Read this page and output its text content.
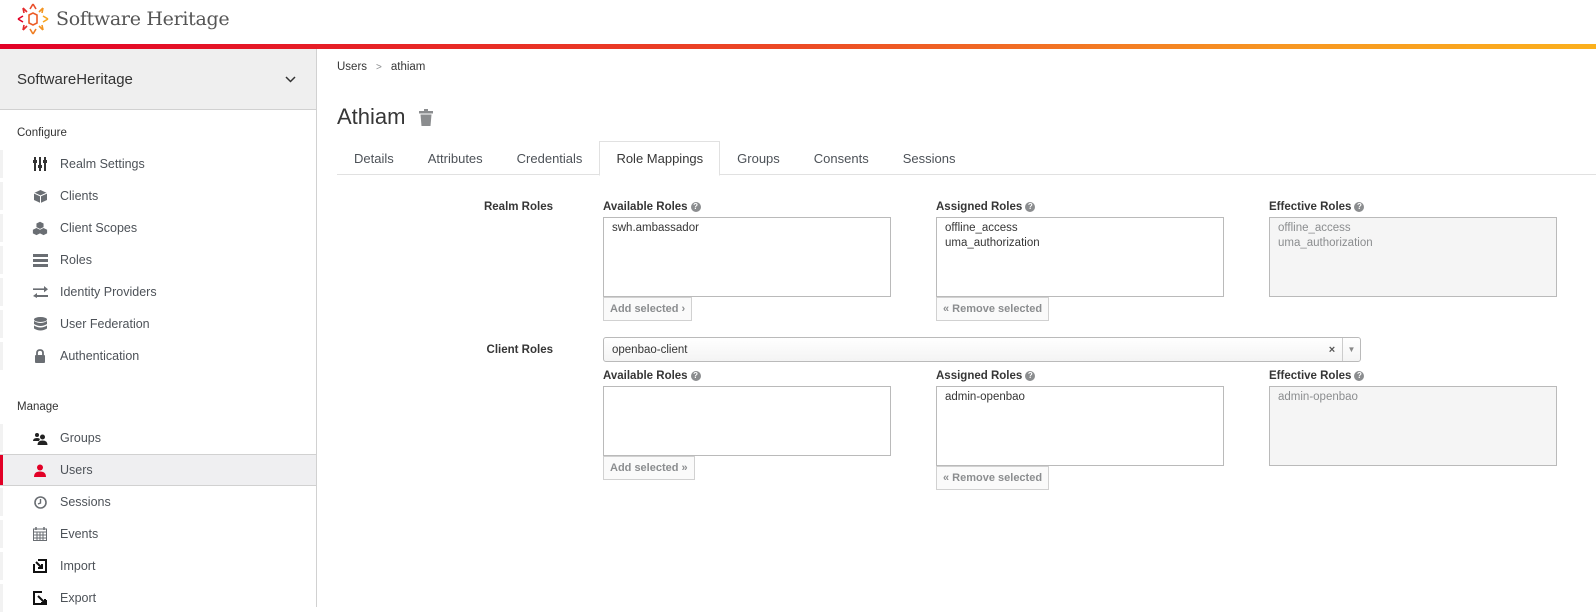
Software Heritage
SoftwareHeritage
Configure
Realm Settings
Clients
Client Scopes
Roles
Identity Providers
User Federation
Authentication
Manage
Groups
Users
Sessions
Events
Import
Export
Users > athiam
Athiam
Details	Attributes	Credentials	Role Mappings	Groups	Consents	Sessions
Realm Roles	Available Roles ?
swh.ambassador
Add selected ›
Assigned Roles ?
offline_access
uma_authorization
« Remove selected
Effective Roles ?
offline_access
uma_authorization
Client Roles	openbao-client	×	▼
Available Roles ?
Add selected »
Assigned Roles ?
admin-openbao
« Remove selected
Effective Roles ?
admin-openbao
